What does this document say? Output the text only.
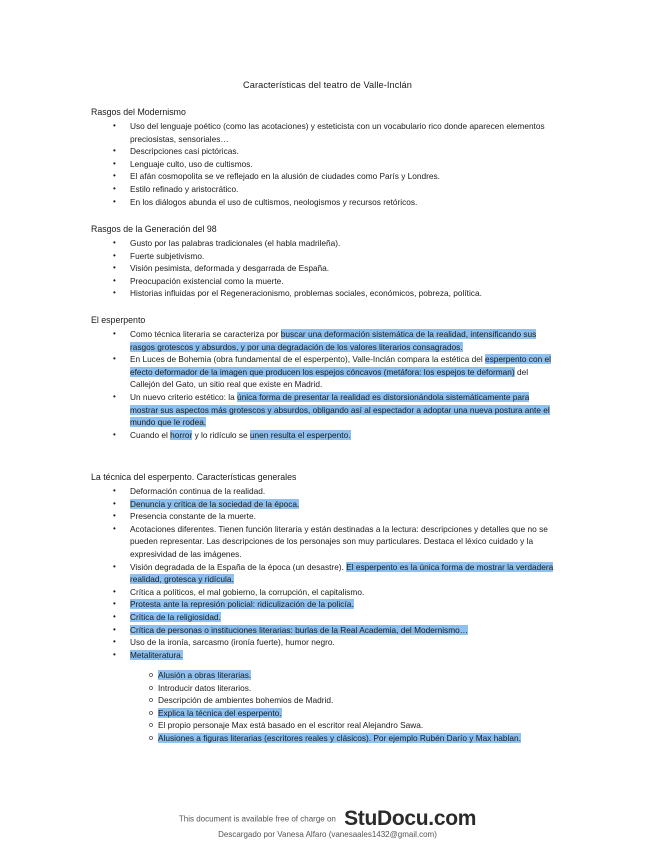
Características del teatro de Valle-Inclán
Rasgos del Modernismo
• Uso del lenguaje poético (como las acotaciones) y esteticista con un vocabulario rico donde aparecen elementos preciosistas, sensoriales…
• Descripciones casi pictóricas.
• Lenguaje culto, uso de cultismos.
• El afán cosmopolita se ve reflejado en la alusión de ciudades como París y Londres.
• Estilo refinado y aristocrático.
• En los diálogos abunda el uso de cultismos, neologismos y recursos retóricos.
Rasgos de la Generación del 98
• Gusto por las palabras tradicionales (el habla madrileña).
• Fuerte subjetivismo.
• Visión pesimista, deformada y desgarrada de España.
• Preocupación existencial como la muerte.
• Historias influidas por el Regeneracionismo, problemas sociales, económicos, pobreza, política.
El esperpento
• Como técnica literaria se caracteriza por buscar una deformación sistemática de la realidad, intensificando sus rasgos grotescos y absurdos, y por una degradación de los valores literarios consagrados.
• En Luces de Bohemia (obra fundamental de el esperpento), Valle-Inclán compara la estética del esperpento con el efecto deformador de la imagen que producen los espejos cóncavos (metáfora: los espejos te deforman) del Callejón del Gato, un sitio real que existe en Madrid.
• Un nuevo criterio estético: la única forma de presentar la realidad es distorsionándola sistemáticamente para mostrar sus aspectos más grotescos y absurdos, obligando así al espectador a adoptar una nueva postura ante el mundo que le rodea.
• Cuando el horror y lo ridículo se unen resulta el esperpento.
La técnica del esperpento. Características generales
• Deformación continua de la realidad.
• Denuncia y crítica de la sociedad de la época.
• Presencia constante de la muerte.
• Acotaciones diferentes. Tienen función literaria y están destinadas a la lectura: descripciones y detalles que no se pueden representar. Las descripciones de los personajes son muy particulares. Destaca el léxico cuidado y la expresividad de las imágenes.
• Visión degradada de la España de la época (un desastre). El esperpento es la única forma de mostrar la verdadera realidad, grotesca y ridícula.
• Crítica a políticos, el mal gobierno, la corrupción, el capitalismo.
• Protesta ante la represión policial: ridiculización de la policía.
• Crítica de la religiosidad.
• Crítica de personas o instituciones literarias: burlas de la Real Academia, del Modernismo…
• Uso de la ironía, sarcasmo (ironía fuerte), humor negro.
• Metaliteratura.
o Alusión a obras literarias.
o Introducir datos literarios.
o Descripción de ambientes bohemios de Madrid.
o Explica la técnica del esperpento.
o El propio personaje Max está basado en el escritor real Alejandro Sawa.
o Alusiones a figuras literarias (escritores reales y clásicos). Por ejemplo Rubén Darío y Max hablan.
This document is available free of charge on StuDocu.com
Descargado por Vanesa Alfaro (vanesaales1432@gmail.com)
